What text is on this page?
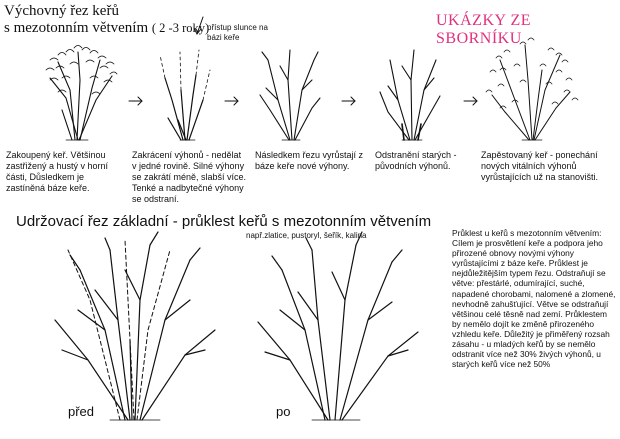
Výchovný řez keřů
s mezotonním větvením ( 2 -3 roky)
přístup slunce na bázi keře
UKÁZKY ZE SBORNÍKU
Zakoupený keř. Většinou zastřižený a hustý v horní části, Důsledkem je zastíněná báze keře.
Zakrácení výhonů - nedělat v jedné rovině. Silné výhony se zakrátí méně, slabší více. Tenké a nadbytečné výhony se odstraní.
Následkem řezu vyrůstají z báze keře nové výhony.
Odstranění starých - původních výhonů.
Zapěstovaný keř - ponechání nových vitálních výhonů vyrůstajících už na stanovišti.
Udržovací řez základní - průklest keřů s mezotonním větvením
např.zlatice, pustoryl, šeřík, kalina	Průklest u keřů s mezotonním větvením: Cílem je prosvětlení keře a podpora jeho přirozené obnovy novými výhony vyrůstajícími z báze keře. Průklest je nejdůležitějším typem řezu. Odstraňují se větve: přestárlé, odumírající, suché, napadené chorobami, nalomené a zlomené, nevhodně zahušťující. Větve se odstraňují většinou celé těsně nad zemí. Průklestem by nemělo dojít ke změně přirozeného vzhledu keře. Důležitý je přiměřený rozsah zásahu - u mladých keřů by se nemělo odstranit více než 30% živých výhonů, u starých keřů více než 50%
před	po
